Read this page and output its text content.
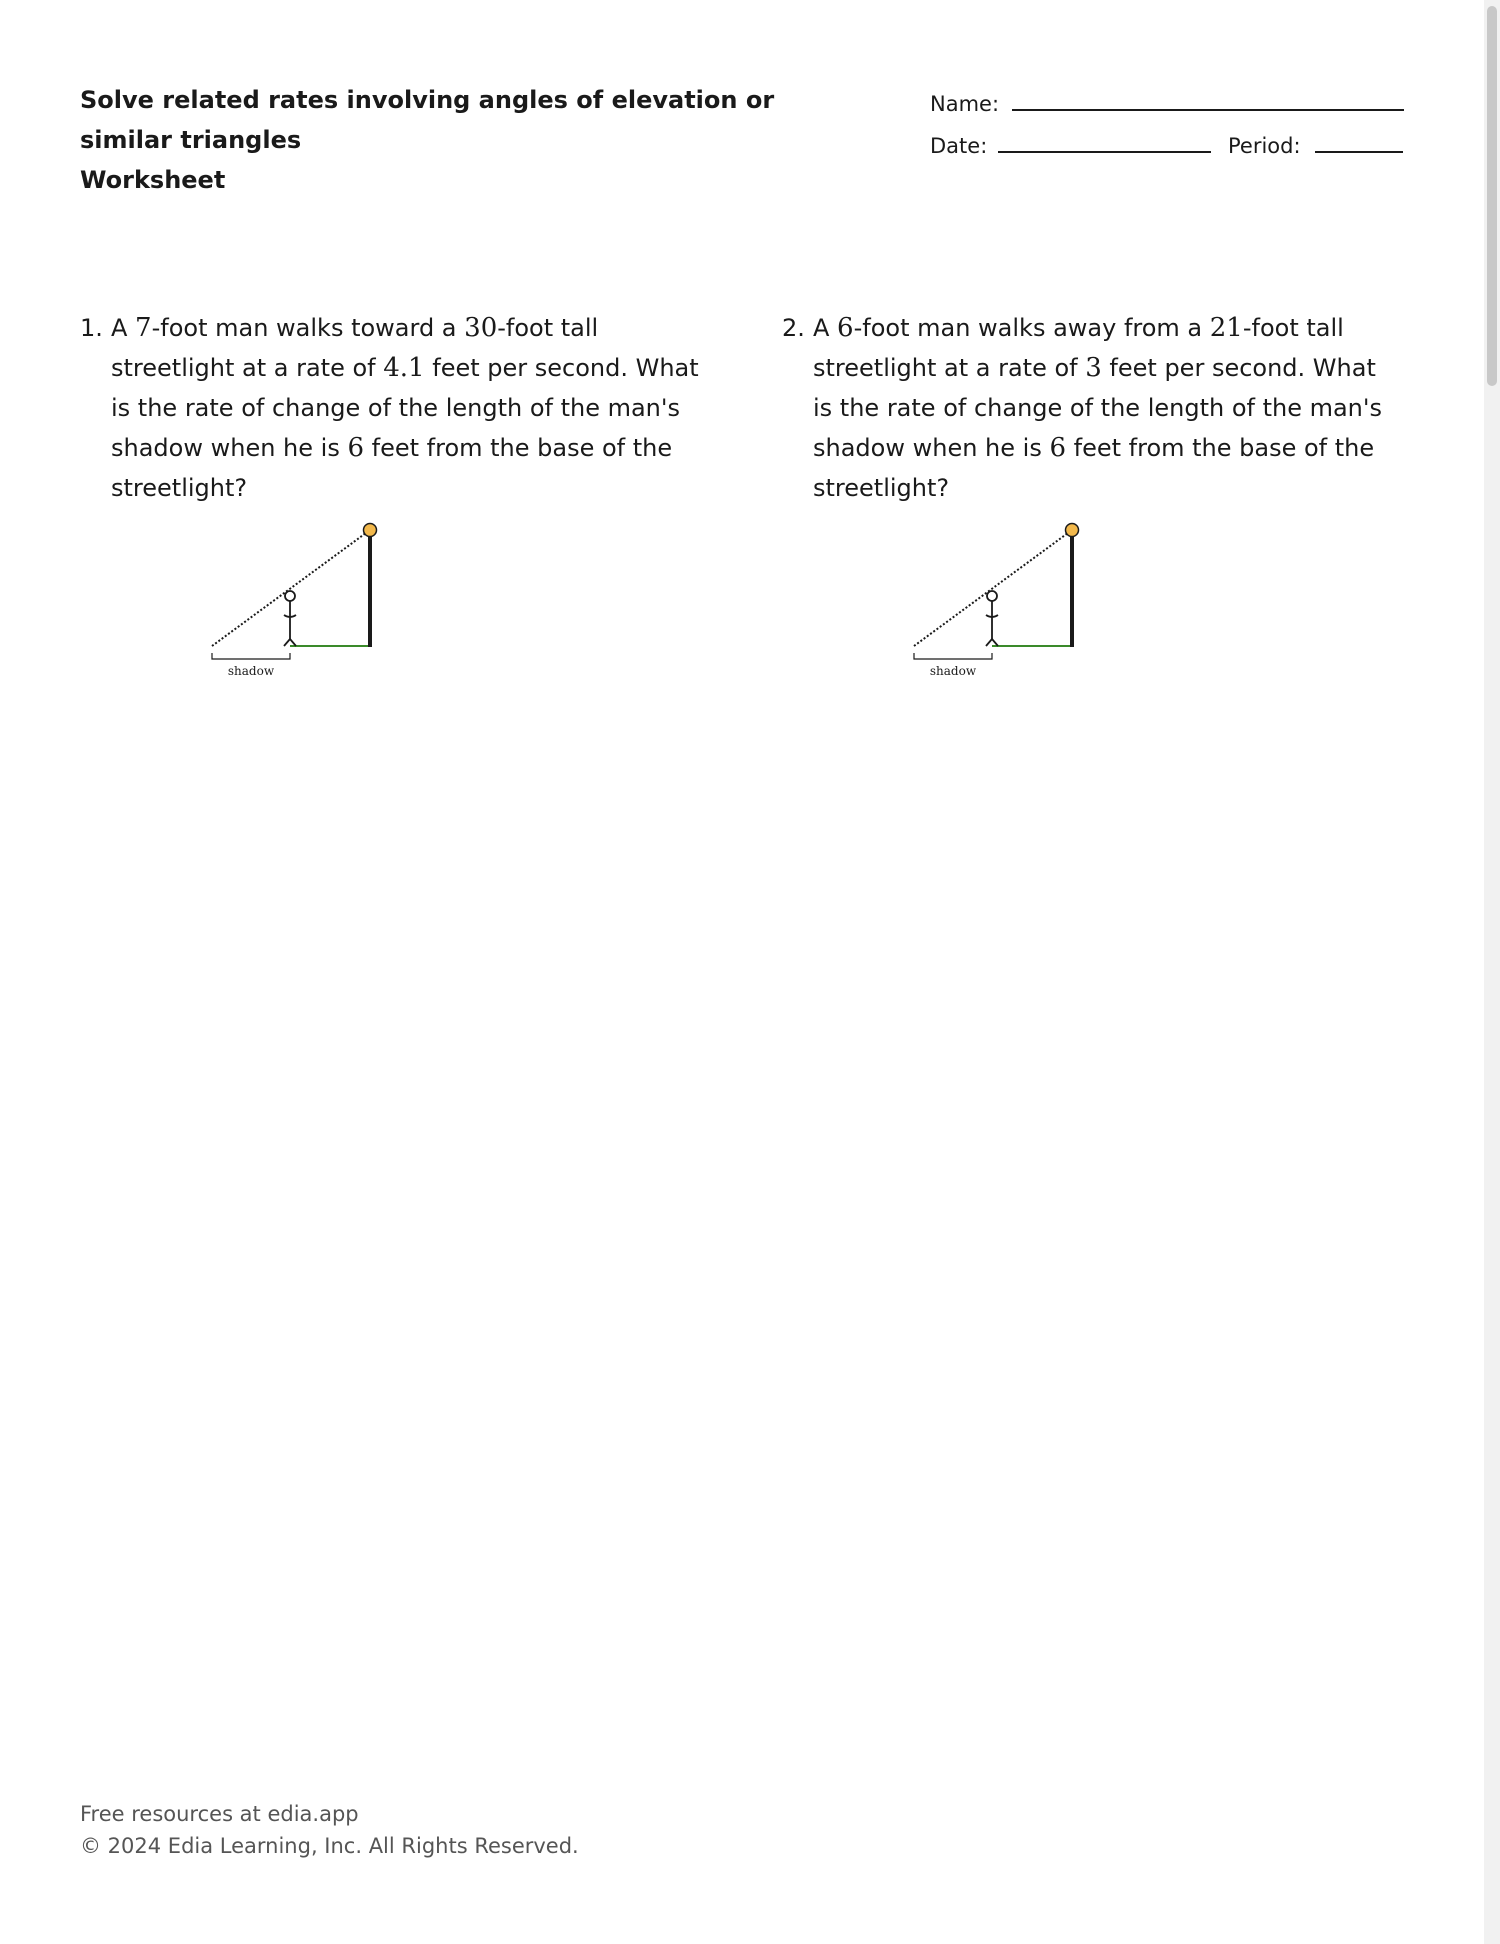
Solve related rates involving angles of elevation or similar triangles
Worksheet
Name:
Date:	Period:
1. A 7-foot man walks toward a 30-foot tall streetlight at a rate of 4.1 feet per second. What is the rate of change of the length of the man's shadow when he is 6 feet from the base of the streetlight?
shadow
2. A 6-foot man walks away from a 21-foot tall streetlight at a rate of 3 feet per second. What is the rate of change of the length of the man's shadow when he is 6 feet from the base of the streetlight?
shadow
Free resources at edia.app
© 2024 Edia Learning, Inc. All Rights Reserved.
